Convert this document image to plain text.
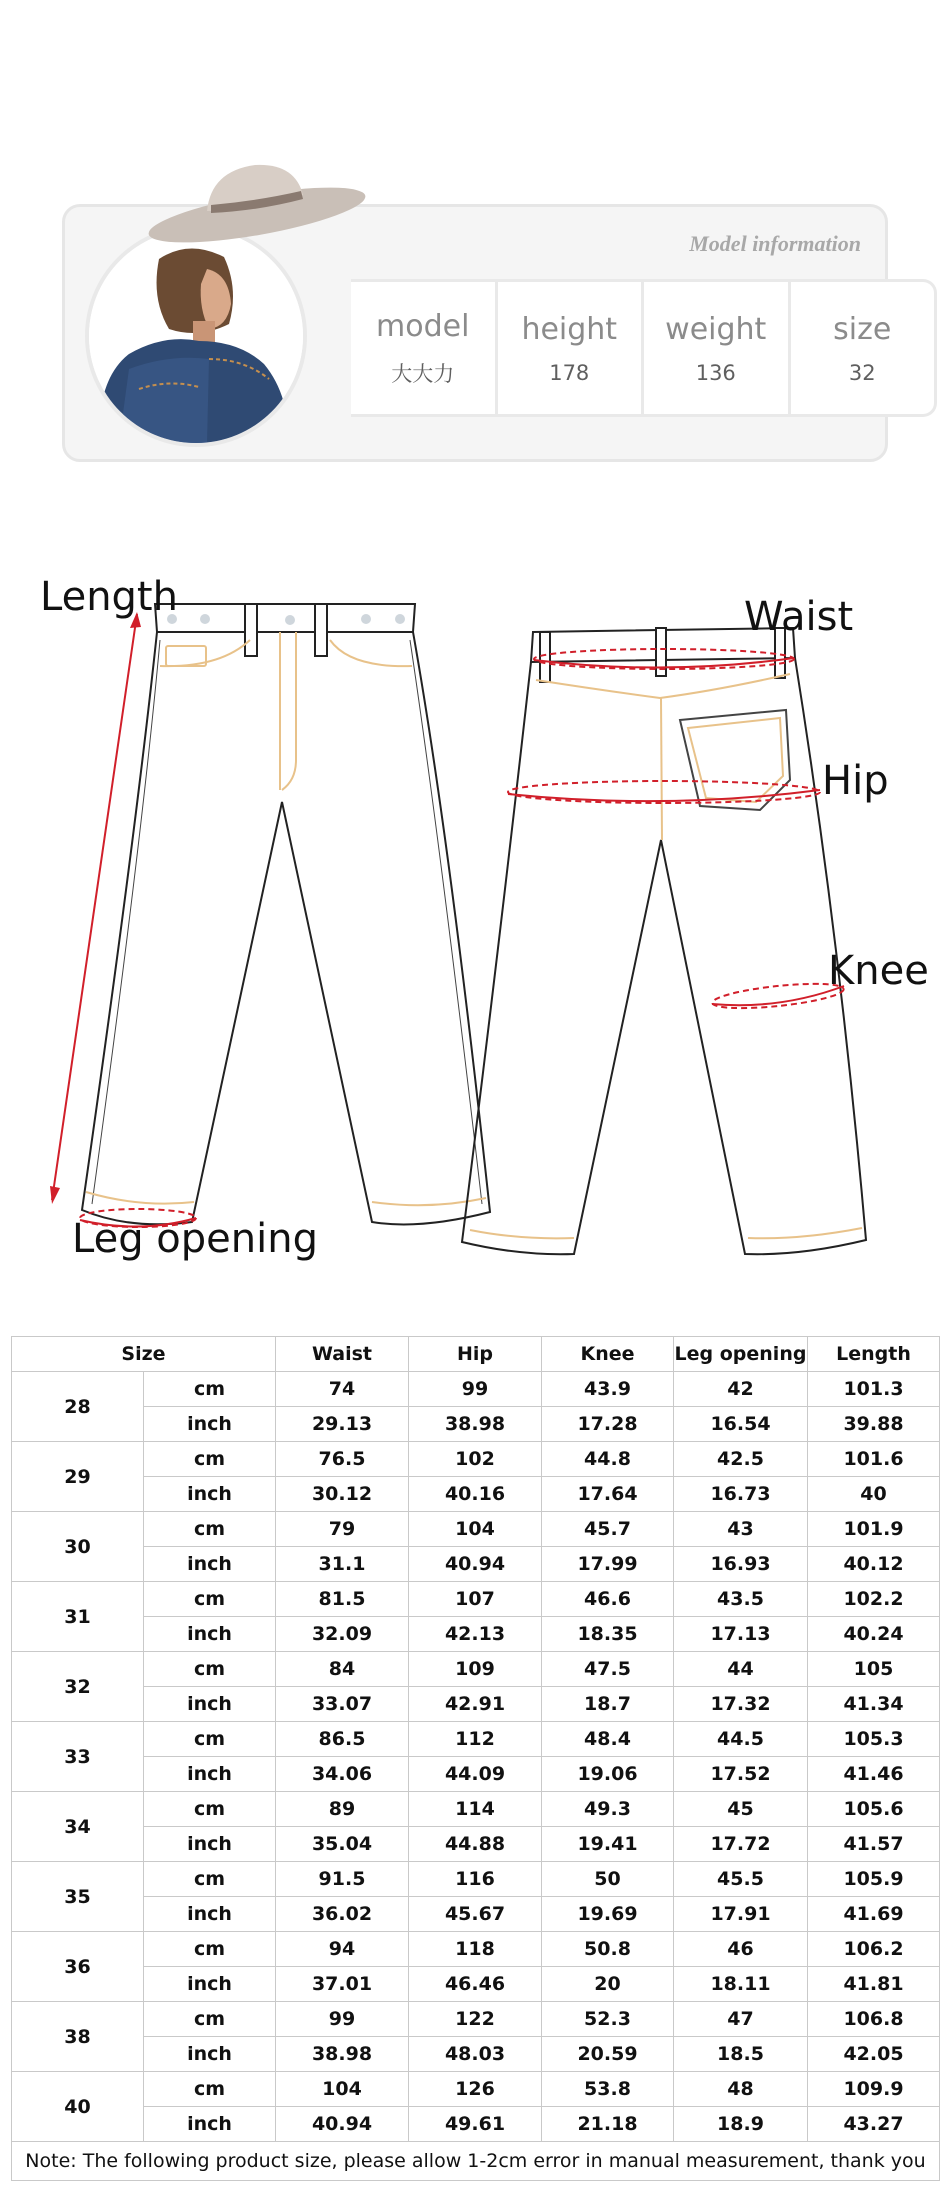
Model information
model
大大力
height
178
weight
136
size
32
Length	Waist
Hip
Knee
Leg opening
Size		Waist	Hip	Knee	Leg opening	Length
28	cm	74	99	43.9	42	101.3
	inch	29.13	38.98	17.28	16.54	39.88
29	cm	76.5	102	44.8	42.5	101.6
	inch	30.12	40.16	17.64	16.73	40
30	cm	79	104	45.7	43	101.9
	inch	31.1	40.94	17.99	16.93	40.12
31	cm	81.5	107	46.6	43.5	102.2
	inch	32.09	42.13	18.35	17.13	40.24
32	cm	84	109	47.5	44	105
	inch	33.07	42.91	18.7	17.32	41.34
33	cm	86.5	112	48.4	44.5	105.3
	inch	34.06	44.09	19.06	17.52	41.46
34	cm	89	114	49.3	45	105.6
	inch	35.04	44.88	19.41	17.72	41.57
35	cm	91.5	116	50	45.5	105.9
	inch	36.02	45.67	19.69	17.91	41.69
36	cm	94	118	50.8	46	106.2
	inch	37.01	46.46	20	18.11	41.81
38	cm	99	122	52.3	47	106.8
	inch	38.98	48.03	20.59	18.5	42.05
40	cm	104	126	53.8	48	109.9
	inch	40.94	49.61	21.18	18.9	43.27
Note: The following product size, please allow 1-2cm error in manual measurement, thank you						
